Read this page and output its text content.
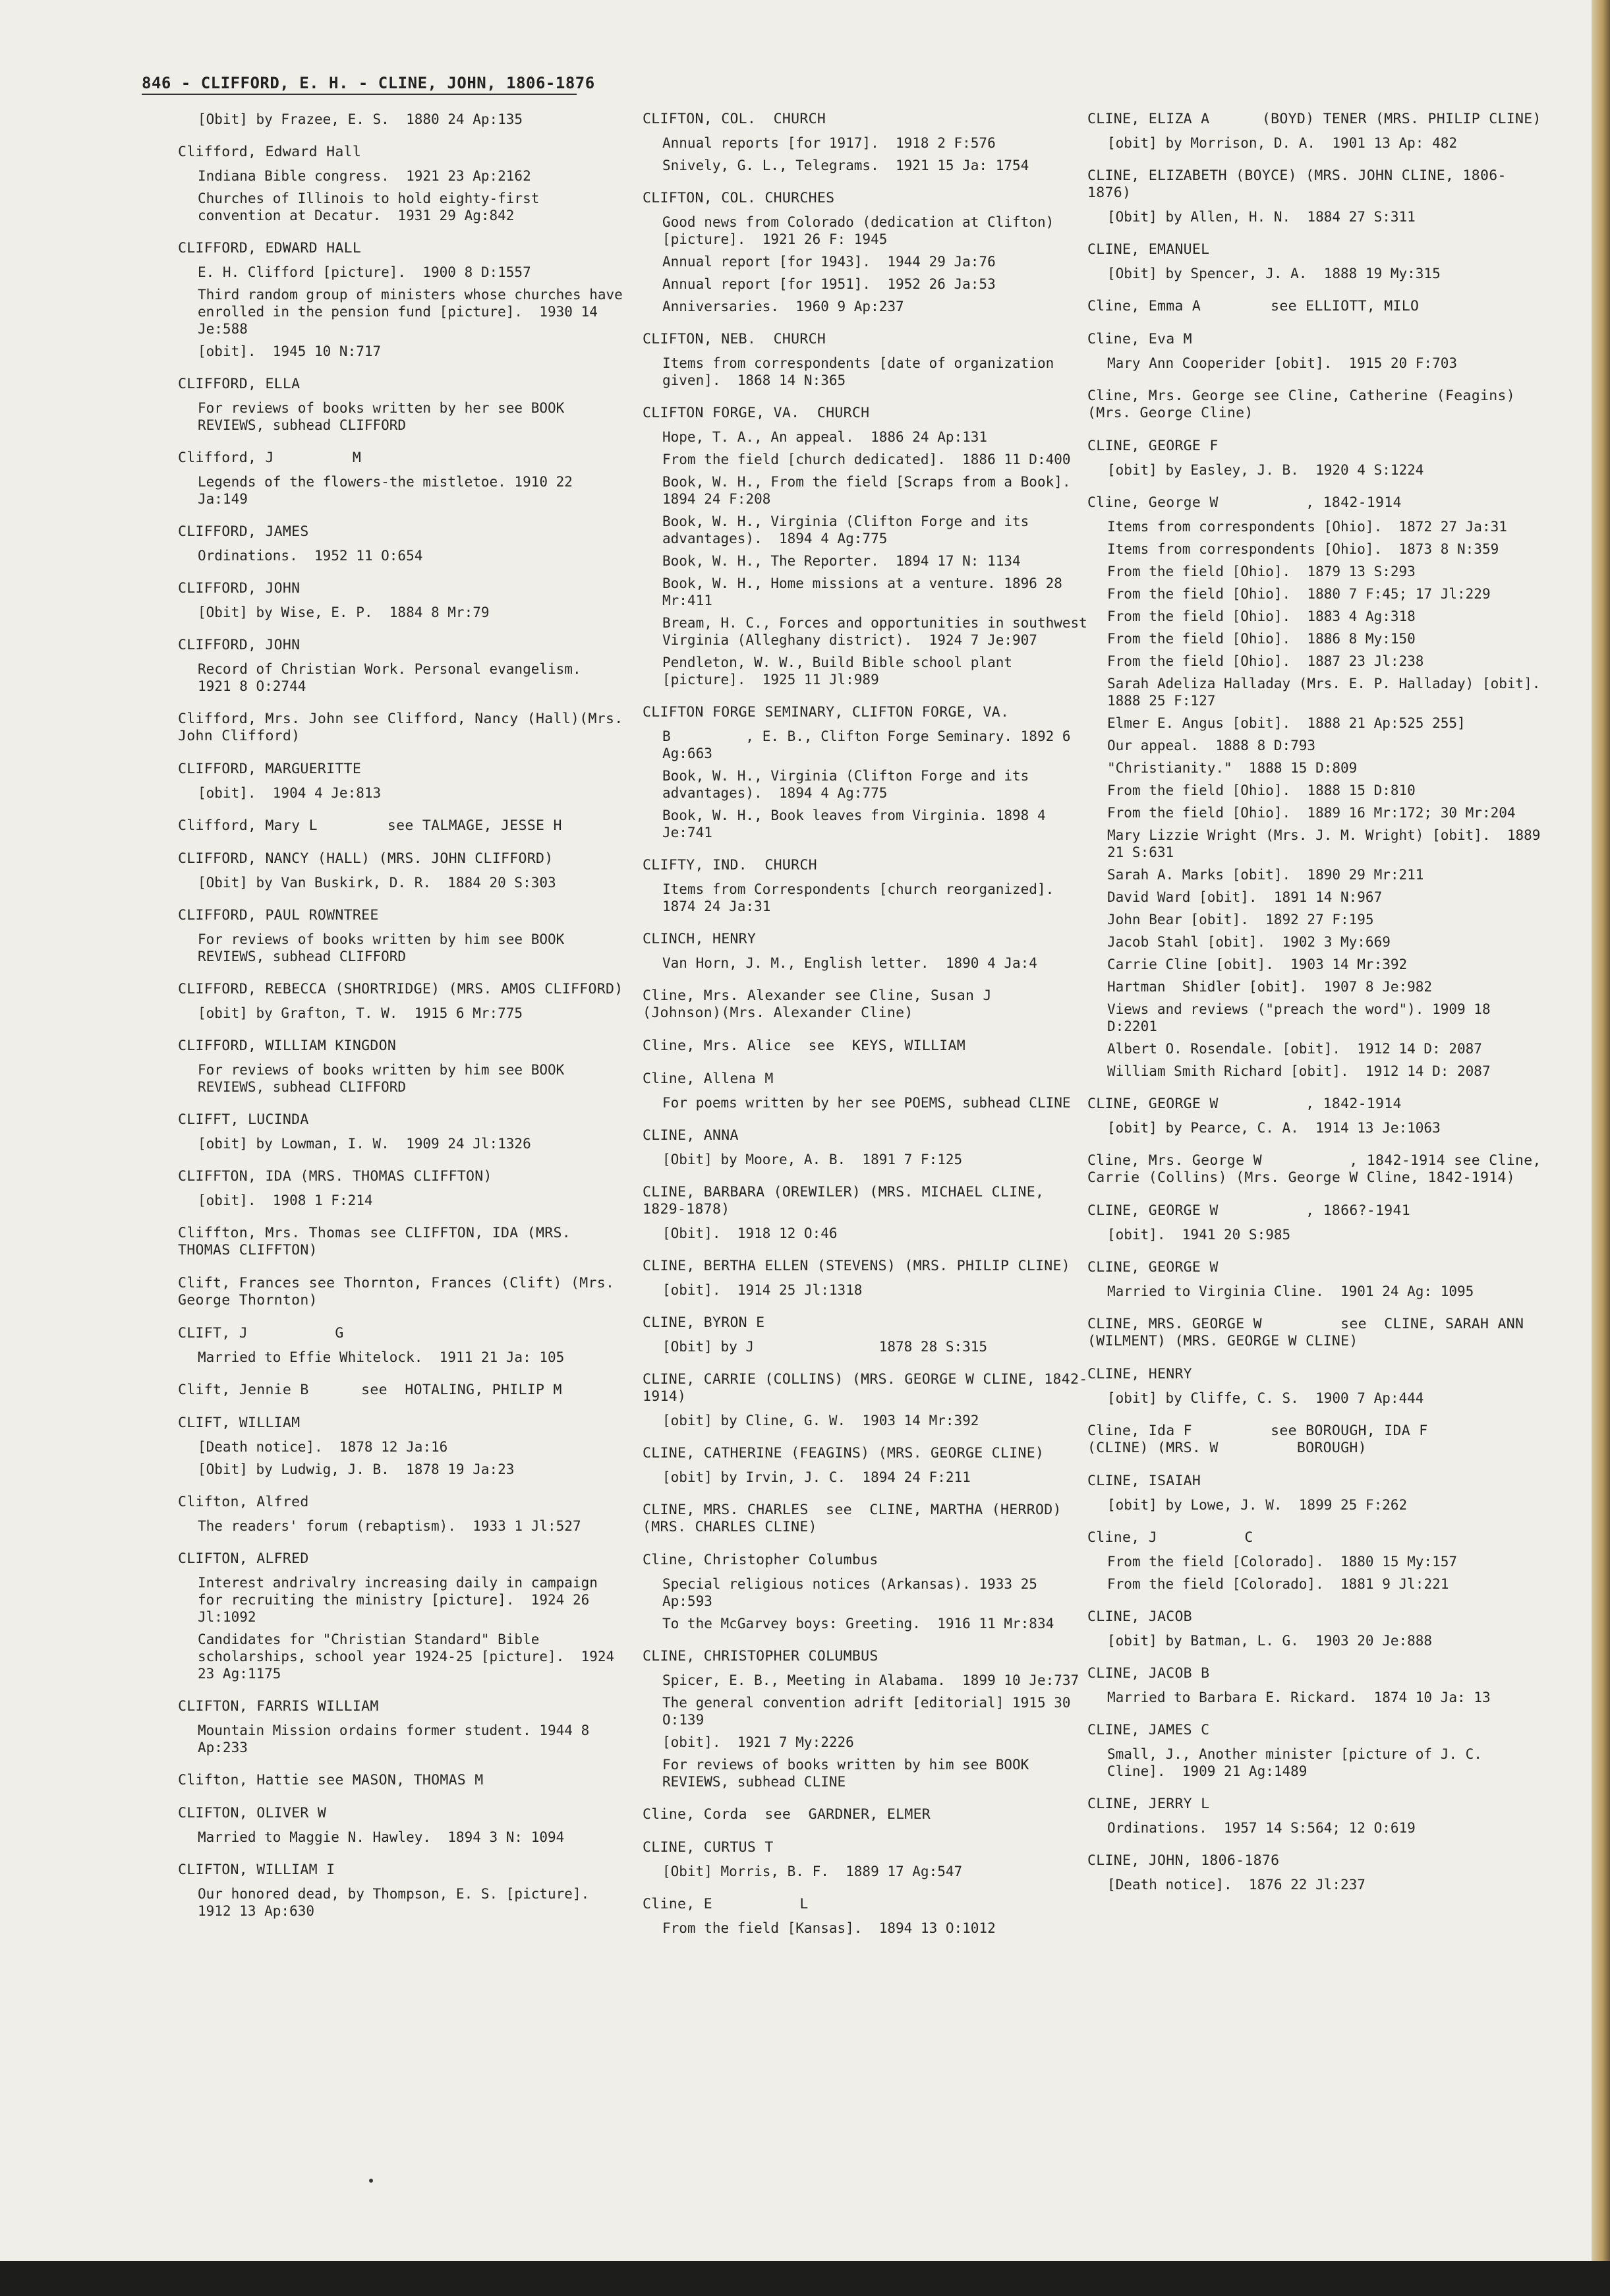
846 - CLIFFORD, E. H. - CLINE, JOHN, 1806-1876
[Obit] by Frazee, E. S.  1880 24 Ap:135
Clifford, Edward Hall
Indiana Bible congress.  1921 23 Ap:2162
Churches of Illinois to hold eighty-first convention at Decatur.  1931 29 Ag:842
CLIFFORD, EDWARD HALL
E. H. Clifford [picture].  1900 8 D:1557
Third random group of ministers whose churches have enrolled in the pension fund [picture].  1930 14 Je:588
[obit].  1945 10 N:717
CLIFFORD, ELLA
For reviews of books written by her see BOOK REVIEWS, subhead CLIFFORD
Clifford, J         M
Legends of the flowers-the mistletoe. 1910 22 Ja:149
CLIFFORD, JAMES
Ordinations.  1952 11 O:654
CLIFFORD, JOHN
[Obit] by Wise, E. P.  1884 8 Mr:79
CLIFFORD, JOHN
Record of Christian Work. Personal evangelism.  1921 8 O:2744
Clifford, Mrs. John see Clifford, Nancy (Hall)(Mrs. John Clifford)
CLIFFORD, MARGUERITTE
[obit].  1904 4 Je:813
Clifford, Mary L        see TALMAGE, JESSE H
CLIFFORD, NANCY (HALL) (MRS. JOHN CLIFFORD)
[Obit] by Van Buskirk, D. R.  1884 20 S:303
CLIFFORD, PAUL ROWNTREE
For reviews of books written by him see BOOK REVIEWS, subhead CLIFFORD
CLIFFORD, REBECCA (SHORTRIDGE) (MRS. AMOS CLIFFORD)
[obit] by Grafton, T. W.  1915 6 Mr:775
CLIFFORD, WILLIAM KINGDON
For reviews of books written by him see BOOK REVIEWS, subhead CLIFFORD
CLIFFT, LUCINDA
[obit] by Lowman, I. W.  1909 24 Jl:1326
CLIFFTON, IDA (MRS. THOMAS CLIFFTON)
[obit].  1908 1 F:214
Cliffton, Mrs. Thomas see CLIFFTON, IDA (MRS. THOMAS CLIFFTON)
Clift, Frances see Thornton, Frances (Clift) (Mrs. George Thornton)
CLIFT, J          G
Married to Effie Whitelock.  1911 21 Ja: 105
Clift, Jennie B      see  HOTALING, PHILIP M
CLIFT, WILLIAM
[Death notice].  1878 12 Ja:16
[Obit] by Ludwig, J. B.  1878 19 Ja:23
Clifton, Alfred
The readers' forum (rebaptism).  1933 1 Jl:527
CLIFTON, ALFRED
Interest andrivalry increasing daily in campaign for recruiting the ministry [picture].  1924 26 Jl:1092
Candidates for "Christian Standard" Bible scholarships, school year 1924-25 [picture].  1924 23 Ag:1175
CLIFTON, FARRIS WILLIAM
Mountain Mission ordains former student. 1944 8 Ap:233
Clifton, Hattie see MASON, THOMAS M
CLIFTON, OLIVER W
Married to Maggie N. Hawley.  1894 3 N: 1094
CLIFTON, WILLIAM I
Our honored dead, by Thompson, E. S. [picture].  1912 13 Ap:630
CLIFTON, COL.  CHURCH
Annual reports [for 1917].  1918 2 F:576
Snively, G. L., Telegrams.  1921 15 Ja: 1754
CLIFTON, COL. CHURCHES
Good news from Colorado (dedication at Clifton) [picture].  1921 26 F: 1945
Annual report [for 1943].  1944 29 Ja:76
Annual report [for 1951].  1952 26 Ja:53
Anniversaries.  1960 9 Ap:237
CLIFTON, NEB.  CHURCH
Items from correspondents [date of organization given].  1868 14 N:365
CLIFTON FORGE, VA.  CHURCH
Hope, T. A., An appeal.  1886 24 Ap:131
From the field [church dedicated].  1886 11 D:400
Book, W. H., From the field [Scraps from a Book].  1894 24 F:208
Book, W. H., Virginia (Clifton Forge and its advantages).  1894 4 Ag:775
Book, W. H., The Reporter.  1894 17 N: 1134
Book, W. H., Home missions at a venture. 1896 28 Mr:411
Bream, H. C., Forces and opportunities in southwest Virginia (Alleghany district).  1924 7 Je:907
Pendleton, W. W., Build Bible school plant [picture].  1925 11 Jl:989
CLIFTON FORGE SEMINARY, CLIFTON FORGE, VA.
B         , E. B., Clifton Forge Seminary. 1892 6 Ag:663
Book, W. H., Virginia (Clifton Forge and its advantages).  1894 4 Ag:775
Book, W. H., Book leaves from Virginia. 1898 4 Je:741
CLIFTY, IND.  CHURCH
Items from Correspondents [church reorganized].  1874 24 Ja:31
CLINCH, HENRY
Van Horn, J. M., English letter.  1890 4 Ja:4
Cline, Mrs. Alexander see Cline, Susan J          (Johnson)(Mrs. Alexander Cline)
Cline, Mrs. Alice  see  KEYS, WILLIAM
Cline, Allena M
For poems written by her see POEMS, subhead CLINE
CLINE, ANNA
[Obit] by Moore, A. B.  1891 7 F:125
CLINE, BARBARA (OREWILER) (MRS. MICHAEL CLINE, 1829-1878)
[Obit].  1918 12 O:46
CLINE, BERTHA ELLEN (STEVENS) (MRS. PHILIP CLINE)
[obit].  1914 25 Jl:1318
CLINE, BYRON E
[Obit] by J               1878 28 S:315
CLINE, CARRIE (COLLINS) (MRS. GEORGE W CLINE, 1842-1914)
[obit] by Cline, G. W.  1903 14 Mr:392
CLINE, CATHERINE (FEAGINS) (MRS. GEORGE CLINE)
[obit] by Irvin, J. C.  1894 24 F:211
CLINE, MRS. CHARLES  see  CLINE, MARTHA (HERROD) (MRS. CHARLES CLINE)
Cline, Christopher Columbus
Special religious notices (Arkansas). 1933 25 Ap:593
To the McGarvey boys: Greeting.  1916 11 Mr:834
CLINE, CHRISTOPHER COLUMBUS
Spicer, E. B., Meeting in Alabama.  1899 10 Je:737
The general convention adrift [editorial] 1915 30 O:139
[obit].  1921 7 My:2226
For reviews of books written by him see BOOK REVIEWS, subhead CLINE
Cline, Corda  see  GARDNER, ELMER
CLINE, CURTUS T
[Obit] Morris, B. F.  1889 17 Ag:547
Cline, E          L
From the field [Kansas].  1894 13 O:1012
CLINE, ELIZA A      (BOYD) TENER (MRS. PHILIP CLINE)
[obit] by Morrison, D. A.  1901 13 Ap: 482
CLINE, ELIZABETH (BOYCE) (MRS. JOHN CLINE, 1806-1876)
[Obit] by Allen, H. N.  1884 27 S:311
CLINE, EMANUEL
[Obit] by Spencer, J. A.  1888 19 My:315
Cline, Emma A        see ELLIOTT, MILO
Cline, Eva M
Mary Ann Cooperider [obit].  1915 20 F:703
Cline, Mrs. George see Cline, Catherine (Feagins)(Mrs. George Cline)
CLINE, GEORGE F
[obit] by Easley, J. B.  1920 4 S:1224
Cline, George W          , 1842-1914
Items from correspondents [Ohio].  1872 27 Ja:31
Items from correspondents [Ohio].  1873 8 N:359
From the field [Ohio].  1879 13 S:293
From the field [Ohio].  1880 7 F:45; 17 Jl:229
From the field [Ohio].  1883 4 Ag:318
From the field [Ohio].  1886 8 My:150
From the field [Ohio].  1887 23 Jl:238
Sarah Adeliza Halladay (Mrs. E. P. Halladay) [obit].  1888 25 F:127
Elmer E. Angus [obit].  1888 21 Ap:525 255]
Our appeal.  1888 8 D:793
"Christianity."  1888 15 D:809
From the field [Ohio].  1888 15 D:810
From the field [Ohio].  1889 16 Mr:172; 30 Mr:204
Mary Lizzie Wright (Mrs. J. M. Wright) [obit].  1889 21 S:631
Sarah A. Marks [obit].  1890 29 Mr:211
David Ward [obit].  1891 14 N:967
John Bear [obit].  1892 27 F:195
Jacob Stahl [obit].  1902 3 My:669
Carrie Cline [obit].  1903 14 Mr:392
Hartman  Shidler [obit].  1907 8 Je:982
Views and reviews ("preach the word"). 1909 18 D:2201
Albert O. Rosendale. [obit].  1912 14 D: 2087
William Smith Richard [obit].  1912 14 D: 2087
CLINE, GEORGE W          , 1842-1914
[obit] by Pearce, C. A.  1914 13 Je:1063
Cline, Mrs. George W          , 1842-1914 see Cline, Carrie (Collins) (Mrs. George W Cline, 1842-1914)
CLINE, GEORGE W          , 1866?-1941
[obit].  1941 20 S:985
CLINE, GEORGE W
Married to Virginia Cline.  1901 24 Ag: 1095
CLINE, MRS. GEORGE W         see  CLINE, SARAH ANN (WILMENT) (MRS. GEORGE W CLINE)
CLINE, HENRY
[obit] by Cliffe, C. S.  1900 7 Ap:444
Cline, Ida F         see BOROUGH, IDA F          (CLINE) (MRS. W         BOROUGH)
CLINE, ISAIAH
[obit] by Lowe, J. W.  1899 25 F:262
Cline, J          C
From the field [Colorado].  1880 15 My:157
From the field [Colorado].  1881 9 Jl:221
CLINE, JACOB
[obit] by Batman, L. G.  1903 20 Je:888
CLINE, JACOB B
Married to Barbara E. Rickard.  1874 10 Ja: 13
CLINE, JAMES C
Small, J., Another minister [picture of J. C. Cline].  1909 21 Ag:1489
CLINE, JERRY L
Ordinations.  1957 14 S:564; 12 O:619
CLINE, JOHN, 1806-1876
[Death notice].  1876 22 Jl:237
